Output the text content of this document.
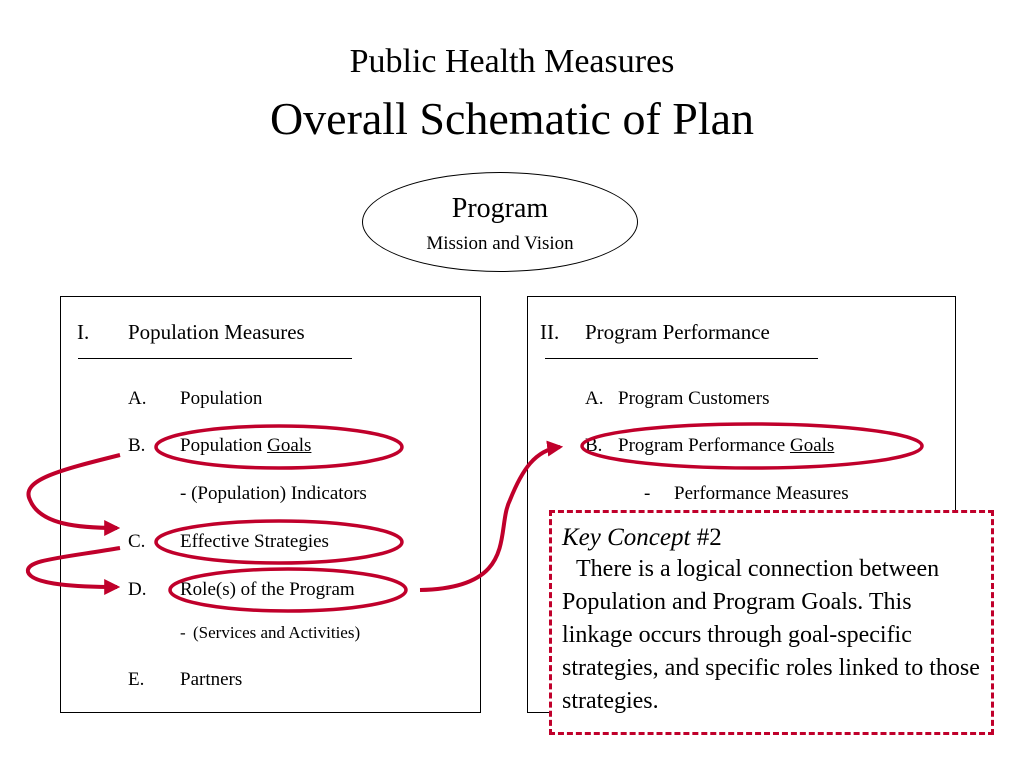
Public Health Measures
Overall Schematic of Plan
Program
Mission and Vision
I. Population Measures
A. Population
B. Population Goals
- (Population) Indicators
C. Effective Strategies
D. Role(s) of the Program
- (Services and Activities)
E. Partners
II. Program Performance
A. Program Customers
B. Program Performance Goals
- Performance Measures
Key Concept #2
There is a logical connection between Population and Program Goals. This linkage occurs through goal-specific strategies, and specific roles linked to those strategies.
